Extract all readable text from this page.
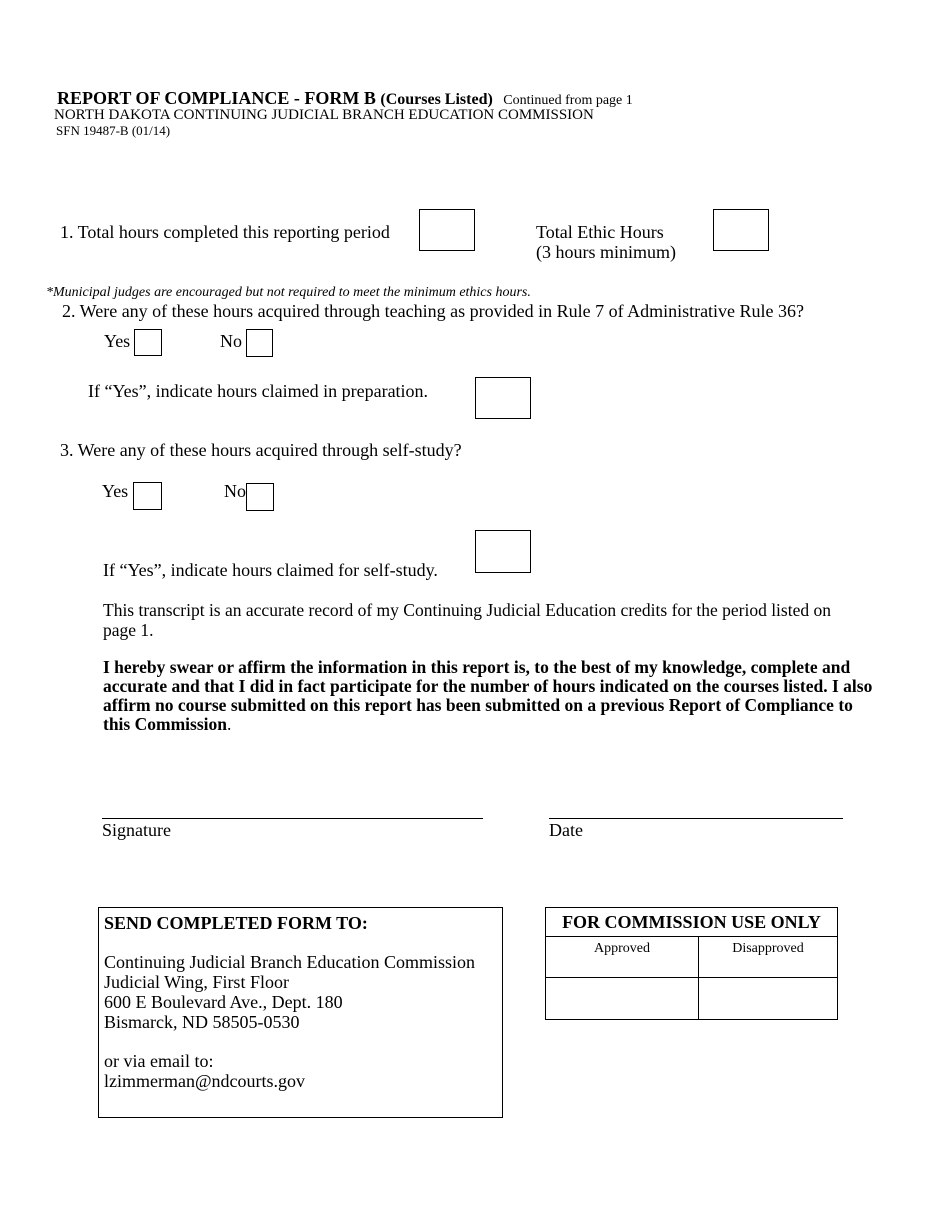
REPORT OF COMPLIANCE - FORM B (Courses Listed) Continued from page 1
NORTH DAKOTA CONTINUING JUDICIAL BRANCH EDUCATION COMMISSION
SFN 19487-B (01/14)
1. Total hours completed this reporting period	Total Ethic Hours
(3 hours minimum)
*Municipal judges are encouraged but not required to meet the minimum ethics hours.
2. Were any of these hours acquired through teaching as provided in Rule 7 of Administrative Rule 36?
Yes	No
If “Yes”, indicate hours claimed in preparation.
3. Were any of these hours acquired through self-study?
Yes	No
If “Yes”, indicate hours claimed for self-study.
This transcript is an accurate record of my Continuing Judicial Education credits for the period listed on page 1.
I hereby swear or affirm the information in this report is, to the best of my knowledge, complete and accurate and that I did in fact participate for the number of hours indicated on the courses listed. I also affirm no course submitted on this report has been submitted on a previous Report of Compliance to this Commission.
Signature	Date
SEND COMPLETED FORM TO:
Continuing Judicial Branch Education Commission
Judicial Wing, First Floor
600 E Boulevard Ave., Dept. 180
Bismarck, ND 58505-0530
or via email to:
lzimmerman@ndcourts.gov
FOR COMMISSION USE ONLY
Approved	Disapproved
